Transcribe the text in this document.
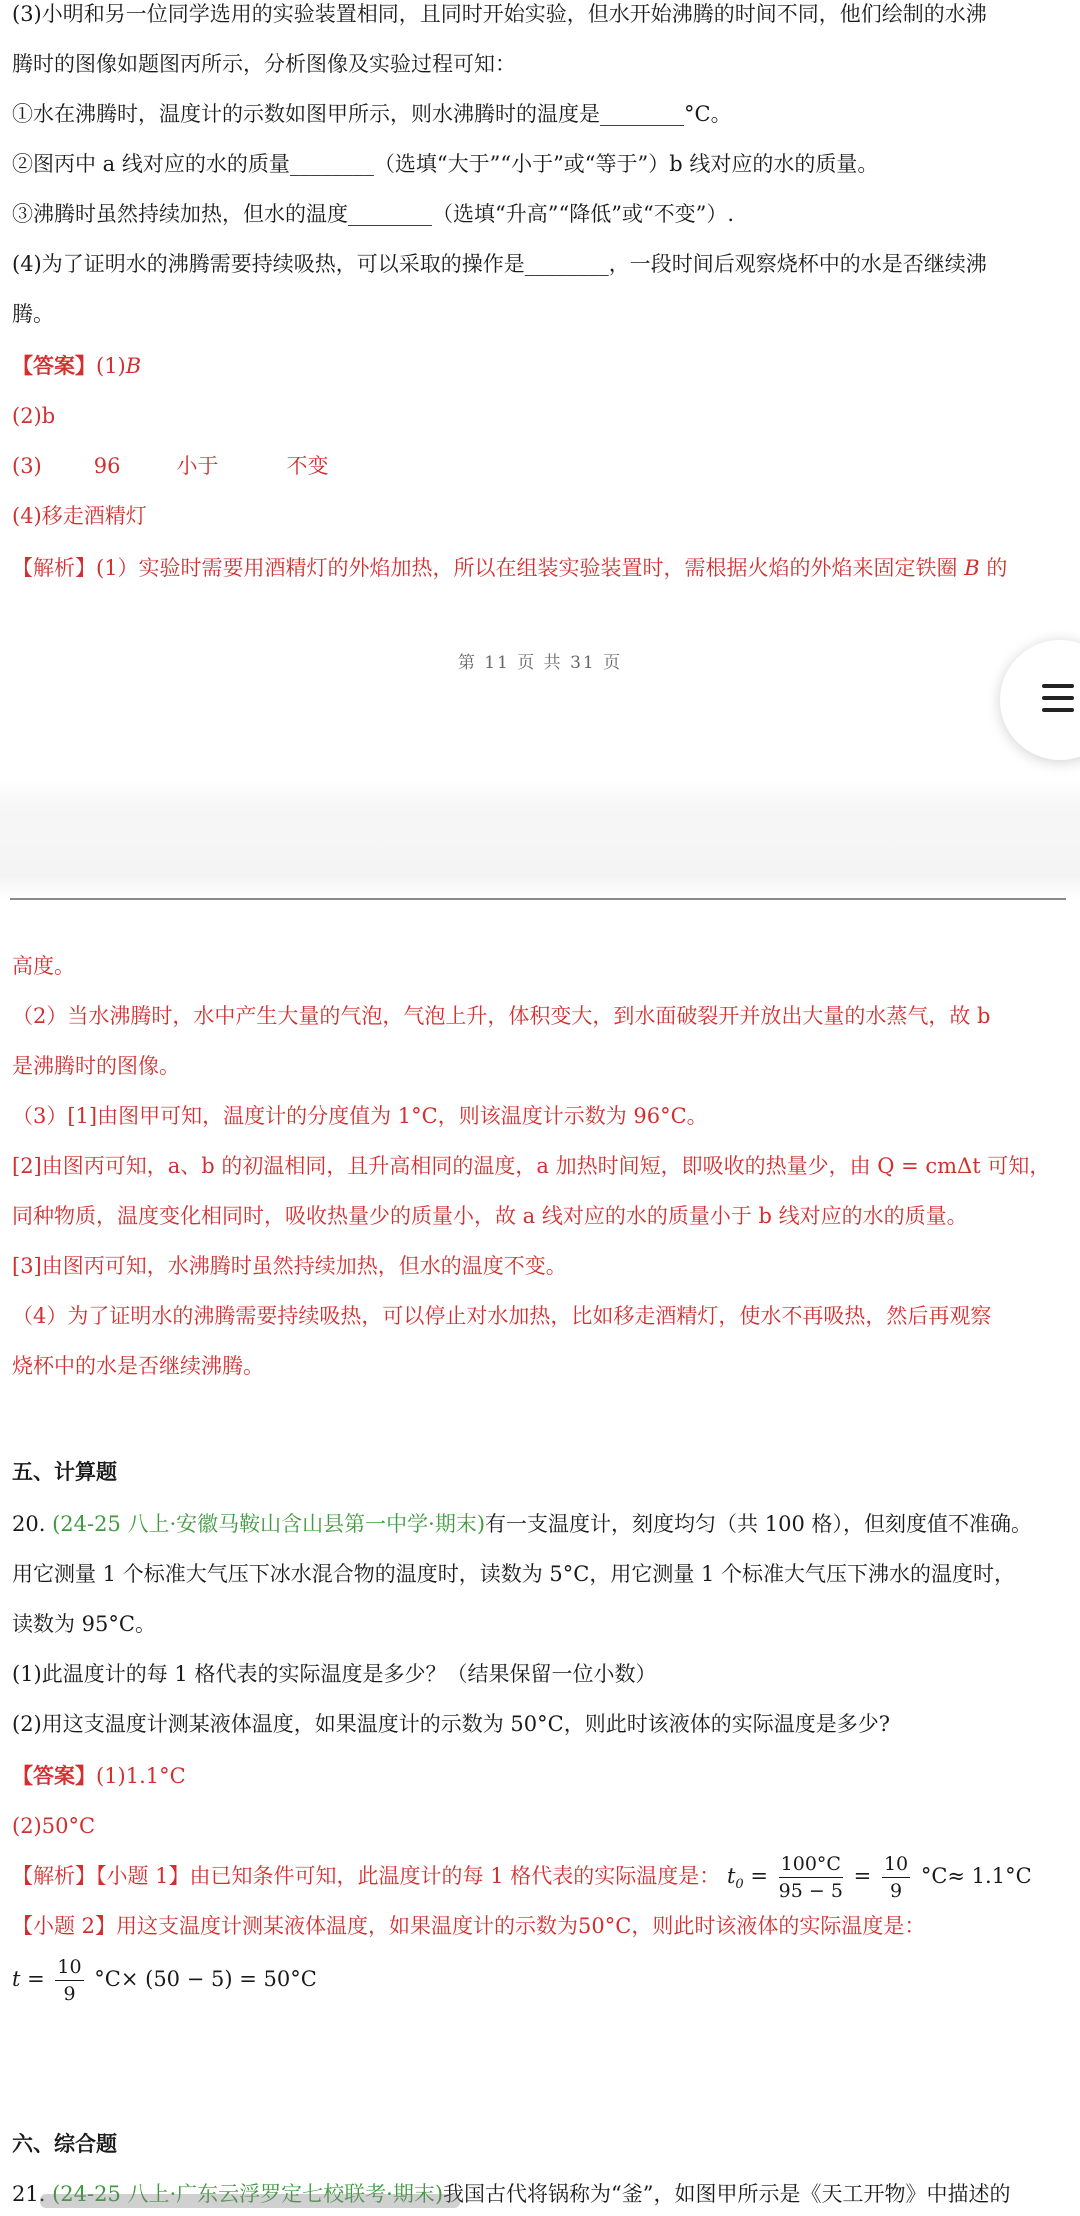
(3)小明和另一位同学选用的实验装置相同，且同时开始实验，但水开始沸腾的时间不同，他们绘制的水沸
腾时的图像如题图丙所示，分析图像及实验过程可知：
①水在沸腾时，温度计的示数如图甲所示，则水沸腾时的温度是________°C。
②图丙中 a 线对应的水的质量________（选填“大于”“小于”或“等于”）b 线对应的水的质量。
③沸腾时虽然持续加热，但水的温度________（选填“升高”“降低”或“不变”）.
(4)为了证明水的沸腾需要持续吸热，可以采取的操作是________，一段时间后观察烧杯中的水是否继续沸
腾。
【答案】(1)B
(2)b
(3) 96	小于	不变
(4)移走酒精灯
【解析】(1）实验时需要用酒精灯的外焰加热，所以在组装实验装置时，需根据火焰的外焰来固定铁圈 B 的
第 11 页 共 31 页
高度。
（2）当水沸腾时，水中产生大量的气泡，气泡上升，体积变大，到水面破裂开并放出大量的水蒸气，故 b
是沸腾时的图像。
（3）[1]由图甲可知，温度计的分度值为 1°C，则该温度计示数为 96°C。
[2]由图丙可知，a、b 的初温相同，且升高相同的温度，a 加热时间短，即吸收的热量少，由 Q = cmΔt 可知，
同种物质，温度变化相同时，吸收热量少的质量小，故 a 线对应的水的质量小于 b 线对应的水的质量。
[3]由图丙可知，水沸腾时虽然持续加热，但水的温度不变。
（4）为了证明水的沸腾需要持续吸热，可以停止对水加热，比如移走酒精灯，使水不再吸热，然后再观察
烧杯中的水是否继续沸腾。
五、计算题
20. (24-25 八上·安徽马鞍山含山县第一中学·期末)有一支温度计，刻度均匀（共 100 格），但刻度值不准确。
用它测量 1 个标准大气压下冰水混合物的温度时，读数为 5°C，用它测量 1 个标准大气压下沸水的温度时，
读数为 95°C。
(1)此温度计的每 1 格代表的实际温度是多少？（结果保留一位小数）
(2)用这支温度计测某液体温度，如果温度计的示数为 50°C，则此时该液体的实际温度是多少?
【答案】(1)1.1°C
(2)50°C
【解析】【小题 1】由已知条件可知，此温度计的每 1 格代表的实际温度是： $t_0 = \frac{100^\circ C}{95 - 5} = \frac{10}{9} ^\circ C\approx 1.1^\circ C$
【小题 2】用这支温度计测某液体温度，如果温度计的示数为50°C，则此时该液体的实际温度是：
$t = \frac{10}{9} ^\circ C\times (50 - 5) = 50^\circ C$
六、综合题
21. (24-25 八上·广东云浮罗定七校联考·期末)我国古代将锅称为“釜”，如图甲所示是《天工开物》中描述的
